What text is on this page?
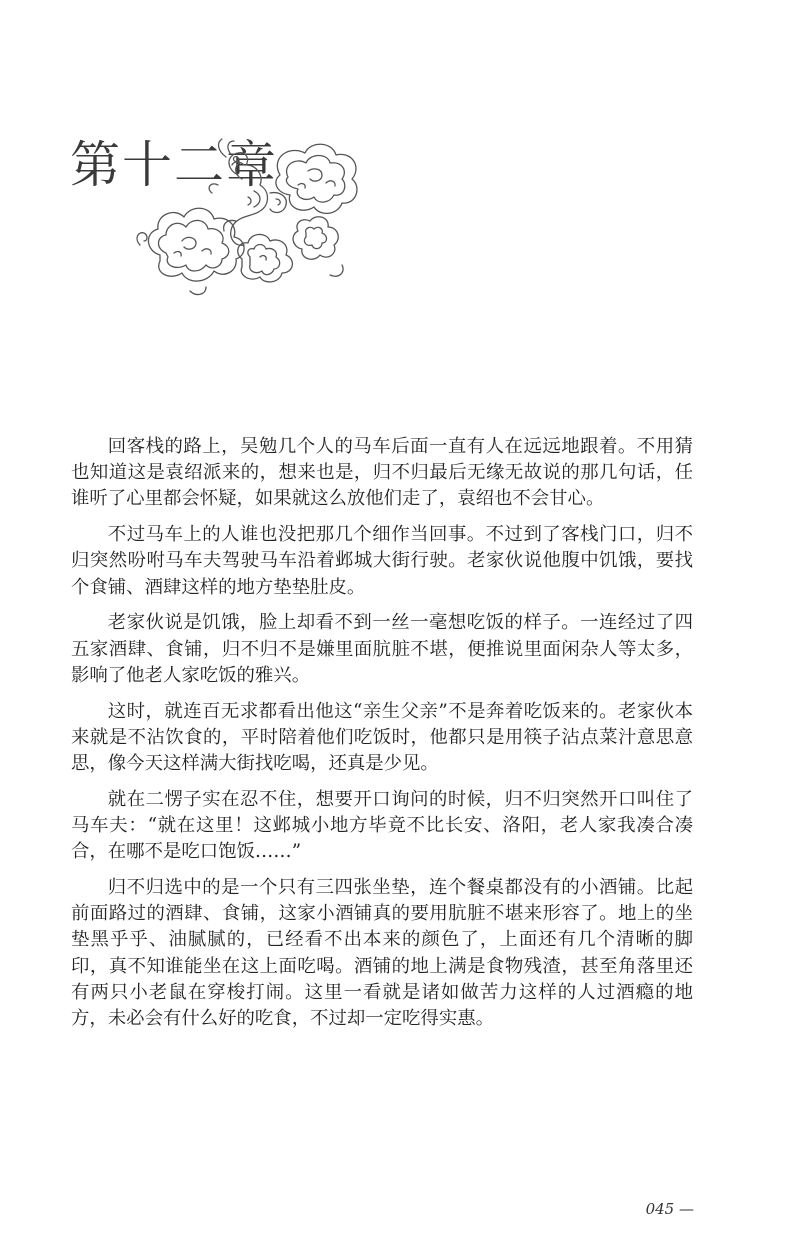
第十二章

回客栈的路上，吴勉几个人的马车后面一直有人在远远地跟着。不用猜也知道这是袁绍派来的，想来也是，归不归最后无缘无故说的那几句话，任谁听了心里都会怀疑，如果就这么放他们走了，袁绍也不会甘心。

不过马车上的人谁也没把那几个细作当回事。不过到了客栈门口，归不归突然吩咐马车夫驾驶马车沿着邺城大街行驶。老家伙说他腹中饥饿，要找个食铺、酒肆这样的地方垫垫肚皮。

老家伙说是饥饿，脸上却看不到一丝一毫想吃饭的样子。一连经过了四五家酒肆、食铺，归不归不是嫌里面肮脏不堪，便推说里面闲杂人等太多，影响了他老人家吃饭的雅兴。

这时，就连百无求都看出他这“亲生父亲”不是奔着吃饭来的。老家伙本来就是不沾饮食的，平时陪着他们吃饭时，他都只是用筷子沾点菜汁意思意思，像今天这样满大街找吃喝，还真是少见。

就在二愣子实在忍不住，想要开口询问的时候，归不归突然开口叫住了马车夫：“就在这里！这邺城小地方毕竟不比长安、洛阳，老人家我凑合凑合，在哪不是吃口饱饭……”

归不归选中的是一个只有三四张坐垫，连个餐桌都没有的小酒铺。比起前面路过的酒肆、食铺，这家小酒铺真的要用肮脏不堪来形容了。地上的坐垫黑乎乎、油腻腻的，已经看不出本来的颜色了，上面还有几个清晰的脚印，真不知谁能坐在这上面吃喝。酒铺的地上满是食物残渣，甚至角落里还有两只小老鼠在穿梭打闹。这里一看就是诸如做苦力这样的人过酒瘾的地方，未必会有什么好的吃食，不过却一定吃得实惠。

045 —
